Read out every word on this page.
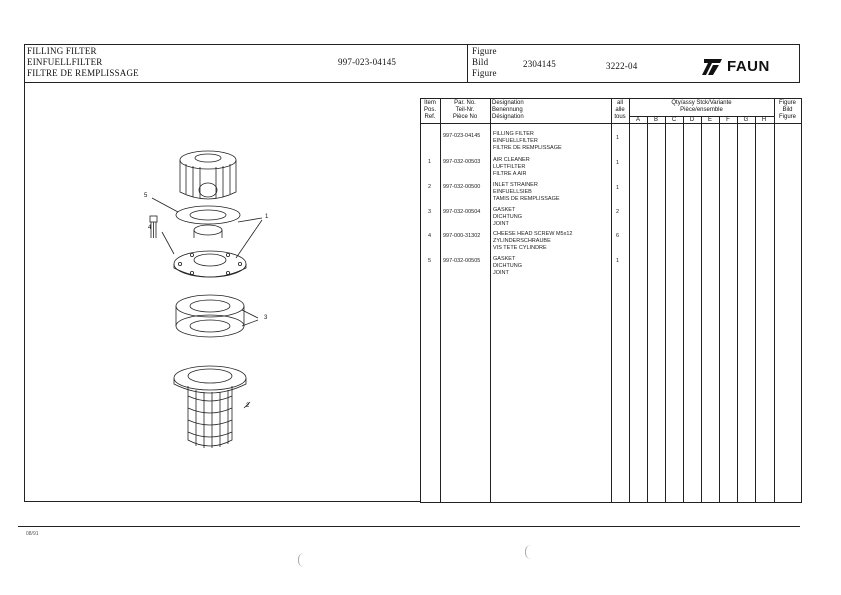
FILLING FILTER
EINFUELLFILTER
FILTRE DE REMPLISSAGE
997-023-04145
Figure
Bild
Figure
2304145	3222-04	FAUN
08/91
5
4
1
3
2
Item
Pos.
Ref.
Par. No.
Teil-Nr.
Pièce No
Designation
Benennung
Désignation
all
alle
tous
Qty/assy Stck/Variante
Pièce/ensemble
Figure
Bild
Figure
A	B	C	D	E	F	G	H
997-023-04145 FILLING FILTER
EINFUELLFILTER
FILTRE DE REMPLISSAGE
1
1 997-032-00503 AIR CLEANER
LUFTFILTER
FILTRE A AIR
1
2 997-032-00500 INLET STRAINER
EINFUELLSIEB
TAMIS DE REMPLISSAGE
1
3 997-032-00504 GASKET
DICHTUNG
JOINT
2
4 997-000-31302 CHEESE HEAD SCREW M5x12
ZYLINDERSCHRAUBE
VIS TETE CYLINDRE
6
5 997-032-00505 GASKET
DICHTUNG
JOINT
1
